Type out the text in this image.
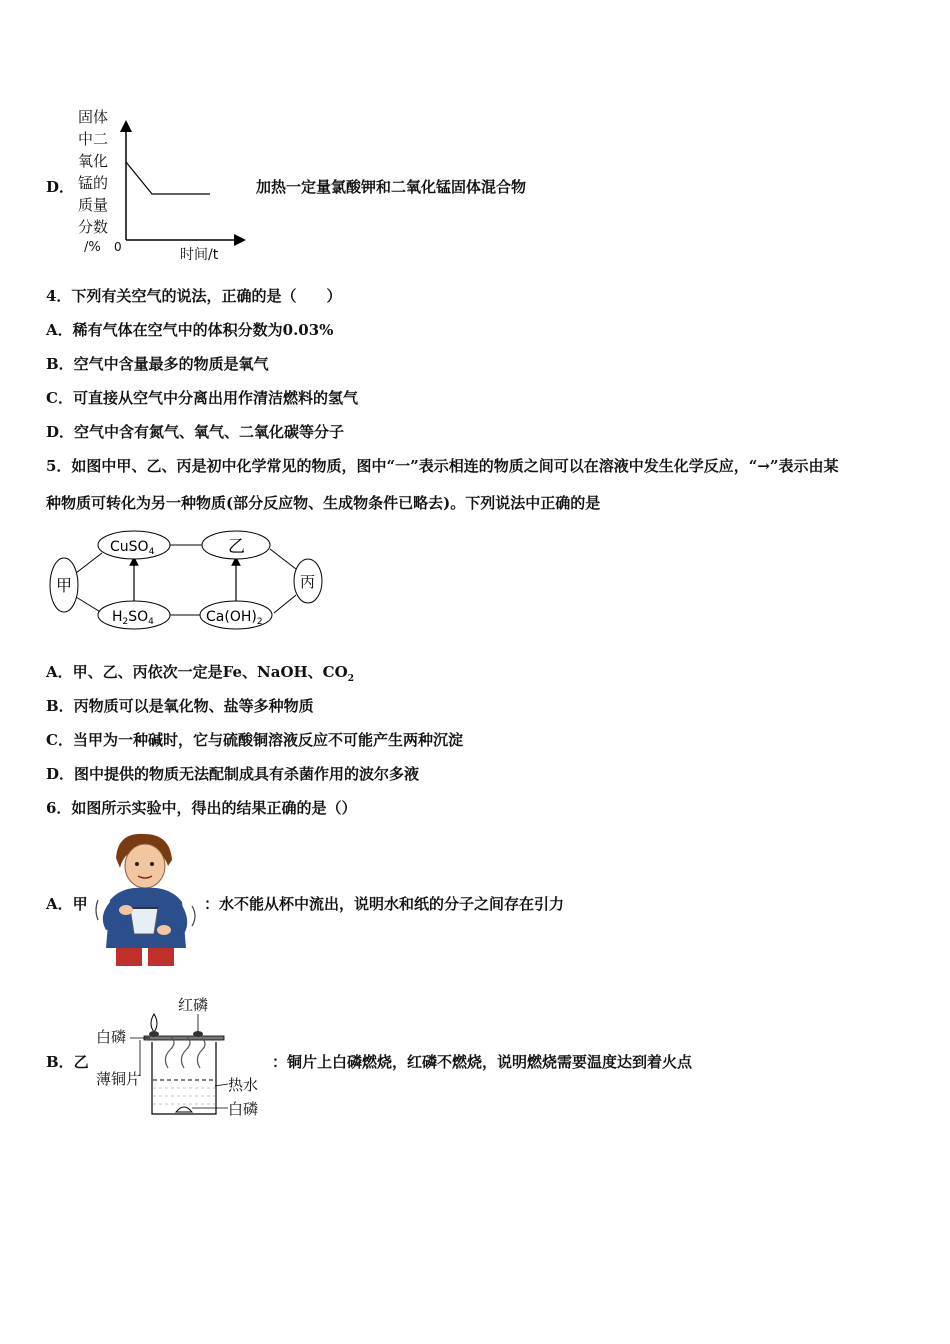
D．
固体
中二
氧化
锰的
质量
分数
/% 0	时间/t
加热一定量氯酸钾和二氧化锰固体混合物
4．下列有关空气的说法，正确的是（　　）
A．稀有气体在空气中的体积分数为0.03%
B．空气中含量最多的物质是氧气
C．可直接从空气中分离出用作清洁燃料的氢气
D．空气中含有氮气、氧气、二氧化碳等分子
5．如图中甲、乙、丙是初中化学常见的物质，图中“一”表示相连的物质之间可以在溶液中发生化学反应，“→”表示由某
种物质可转化为另一种物质(部分反应物、生成物条件已略去)。下列说法中正确的是
甲
CuSO$_4$	乙
丙
$H_2SO_4$	$Ca(OH)_2$
A．甲、乙、丙依次一定是Fe、NaOH、$CO_2$
B．丙物质可以是氧化物、盐等多种物质
C．当甲为一种碱时，它与硫酸铜溶液反应不可能产生两种沉淀
D．图中提供的物质无法配制成具有杀菌作用的波尔多液
6．如图所示实验中，得出的结果正确的是（）
A．甲	：水不能从杯中流出，说明水和纸的分子之间存在引力
B．乙
红磷
白磷
薄铜片	热水
白磷
：铜片上白磷燃烧，红磷不燃烧，说明燃烧需要温度达到着火点
